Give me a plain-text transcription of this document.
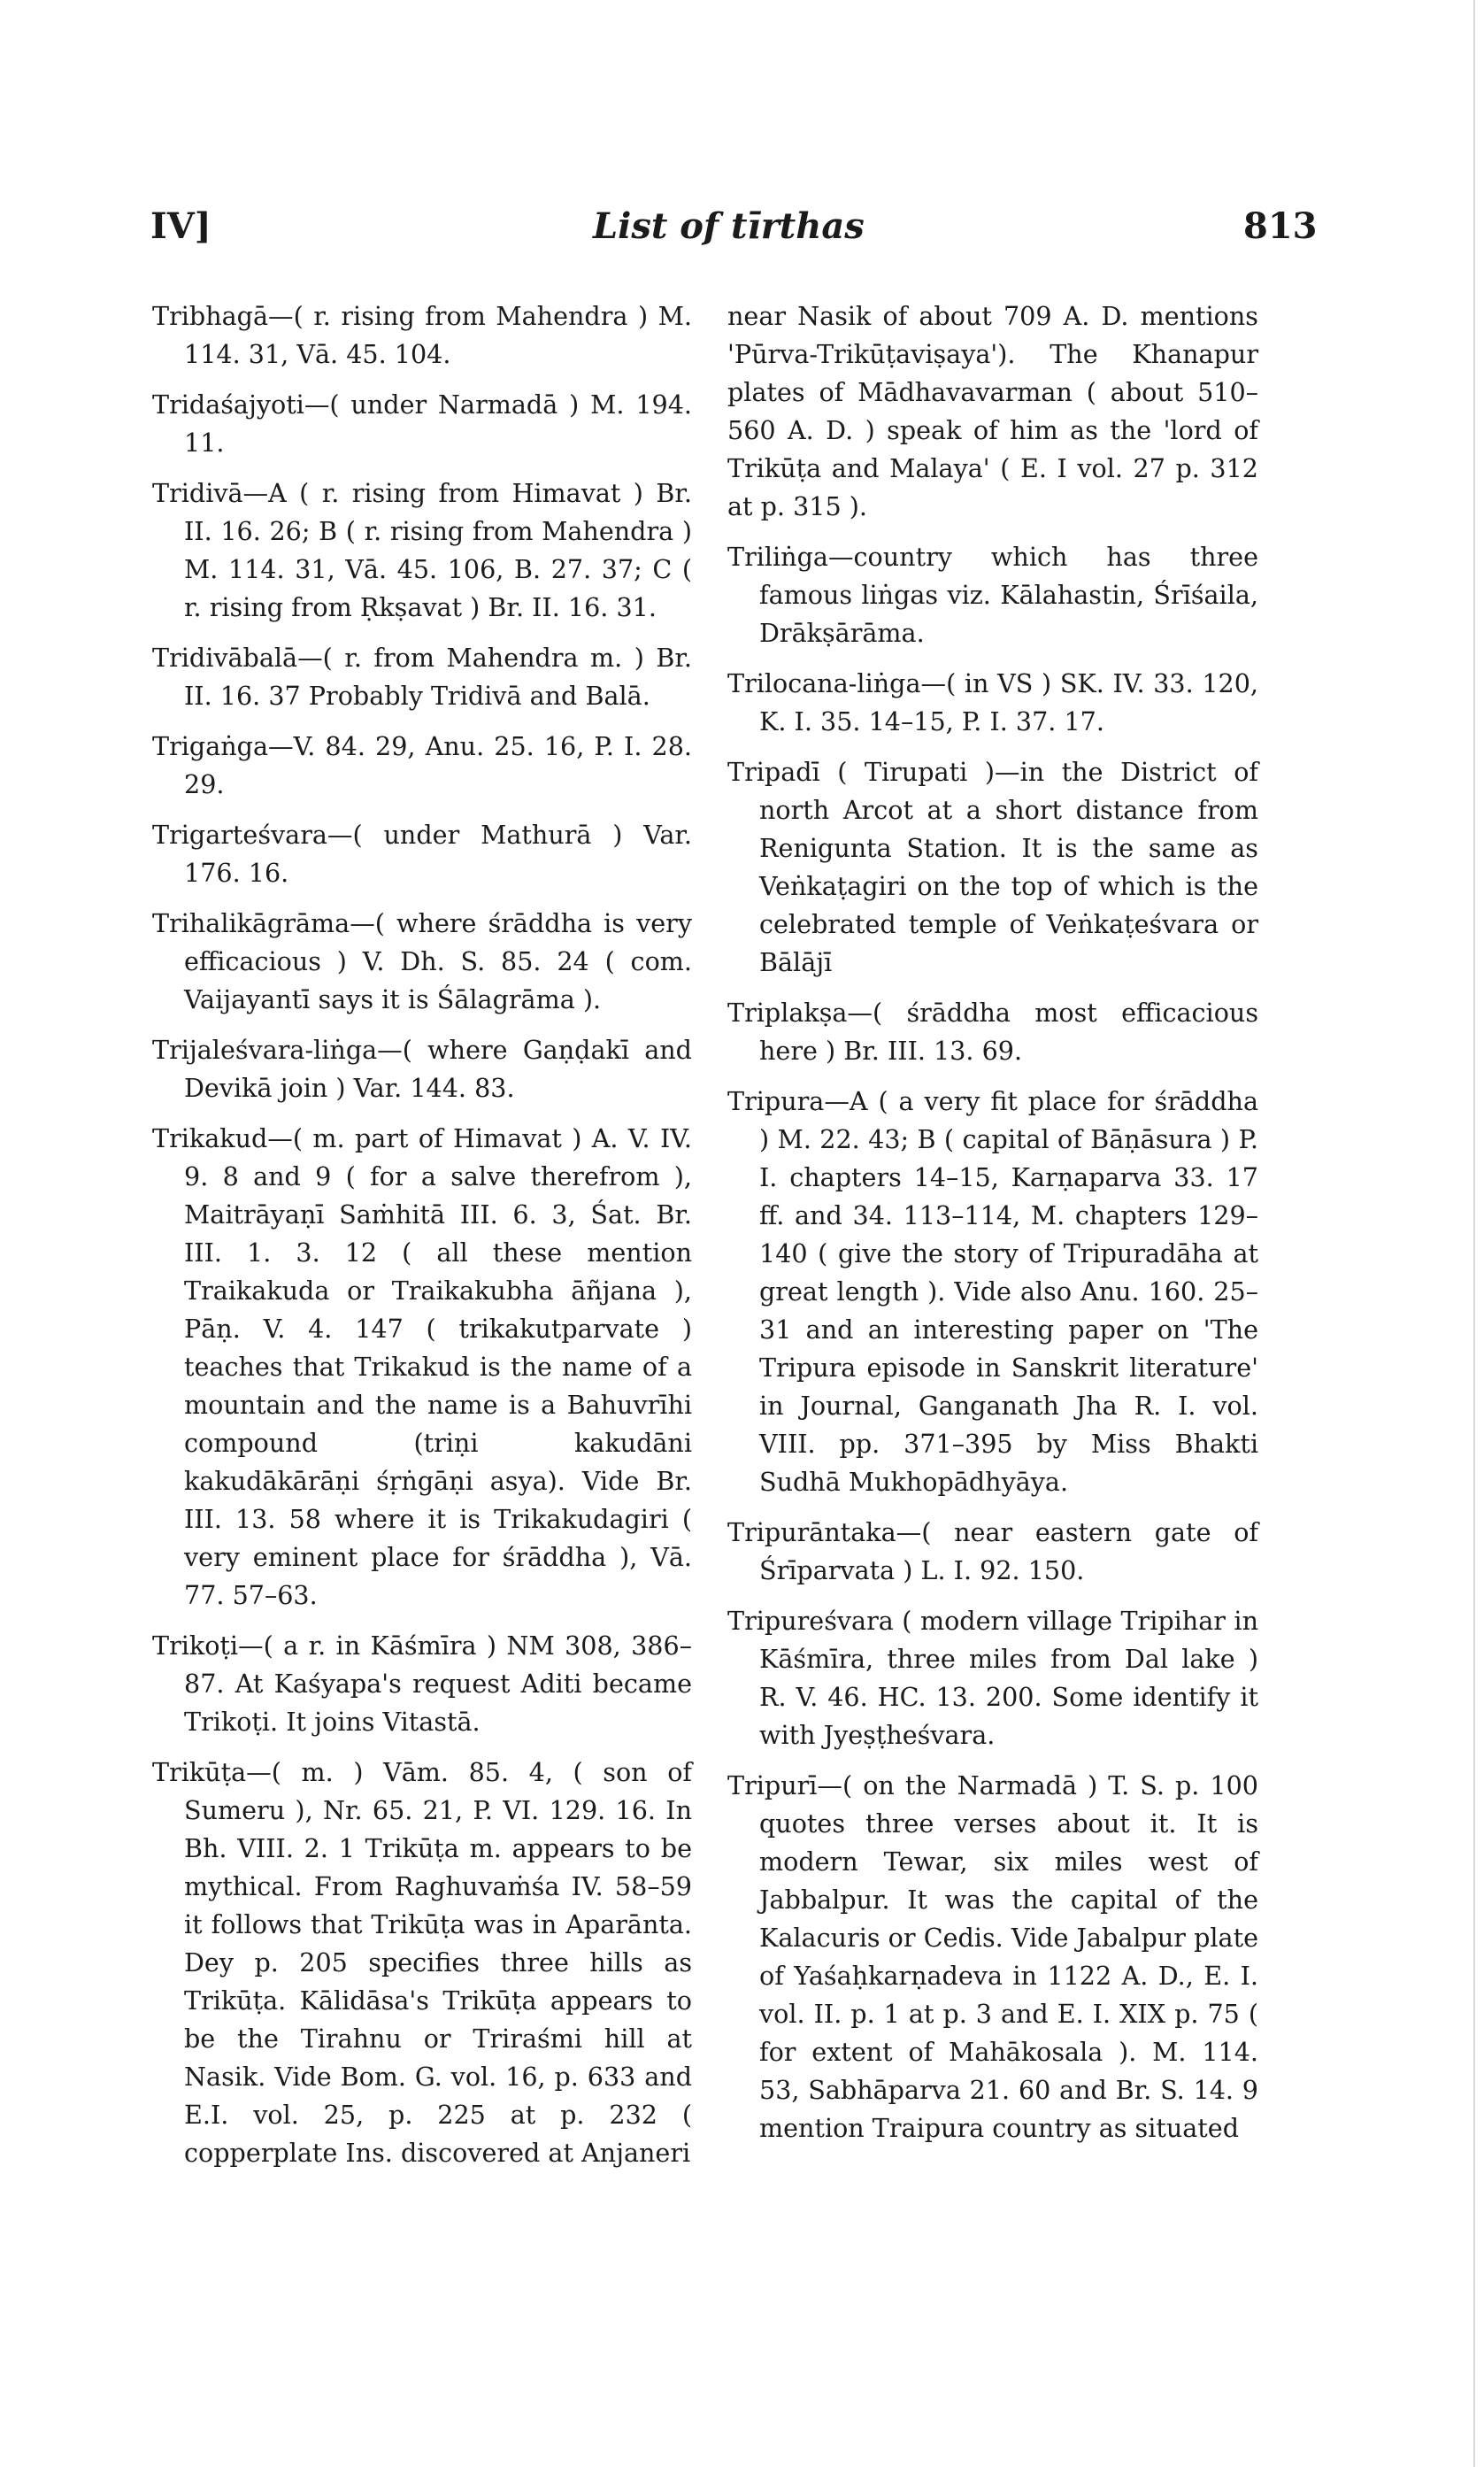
IV]	List of tīrthas	813

Tribhagā—( r. rising from Mahendra ) M. 114. 31, Vā. 45. 104.

Tridaśajyoti—( under Narmadā ) M. 194. 11.

Tridivā—A ( r. rising from Himavat ) Br. II. 16. 26; B ( r. rising from Mahendra ) M. 114. 31, Vā. 45. 106, B. 27. 37; C ( r. rising from Ṛkṣavat ) Br. II. 16. 31.

Tridivābalā—( r. from Mahendra m. ) Br. II. 16. 37 Probably Tridivā and Balā.

Trigaṅga—V. 84. 29, Anu. 25. 16, P. I. 28. 29.

Trigarteśvara—( under Mathurā ) Var. 176. 16.

Trihalikāgrāma—( where śrāddha is very efficacious ) V. Dh. S. 85. 24 ( com. Vaijayantī says it is Śālagrāma ).

Trijaleśvara-liṅga—( where Gaṇḍakī and Devikā join ) Var. 144. 83.

Trikakud—( m. part of Himavat ) A. V. IV. 9. 8 and 9 ( for a salve therefrom ), Maitrāyaṇī Saṁhitā III. 6. 3, Śat. Br. III. 1. 3. 12 ( all these mention Traikakuda or Traikakubha āñjana ), Pāṇ. V. 4. 147 ( trikakutparvate ) teaches that Trikakud is the name of a mountain and the name is a Bahuvrīhi compound (triṇi kakudāni kakudākārāṇi śṛṅgāṇi asya). Vide Br. III. 13. 58 where it is Trikakudagiri ( very eminent place for śrāddha ), Vā. 77. 57–63.

Trikoṭi—( a r. in Kāśmīra ) NM 308, 386–87. At Kaśyapa's request Aditi became Trikoṭi. It joins Vitastā.

Trikūṭa—( m. ) Vām. 85. 4, ( son of Sumeru ), Nr. 65. 21, P. VI. 129. 16. In Bh. VIII. 2. 1 Trikūṭa m. appears to be mythical. From Raghuvaṁśa IV. 58–59 it follows that Trikūṭa was in Aparānta. Dey p. 205 specifies three hills as Trikūṭa. Kālidāsa's Trikūṭa appears to be the Tirahnu or Triraśmi hill at Nasik. Vide Bom. G. vol. 16, p. 633 and E.I. vol. 25, p. 225 at p. 232 ( copperplate Ins. discovered at Anjaneri

near Nasik of about 709 A. D. mentions 'Pūrva-Trikūṭaviṣaya'). The Khanapur plates of Mādhavavarman ( about 510–560 A. D. ) speak of him as the 'lord of Trikūṭa and Malaya' ( E. I vol. 27 p. 312 at p. 315 ).

Triliṅga—country which has three famous liṅgas viz. Kālahastin, Śrīśaila, Drākṣārāma.

Trilocana-liṅga—( in VS ) SK. IV. 33. 120, K. I. 35. 14–15, P. I. 37. 17.

Tripadī ( Tirupati )—in the District of north Arcot at a short distance from Renigunta Station. It is the same as Veṅkaṭagiri on the top of which is the celebrated temple of Veṅkaṭeśvara or Bālājī

Triplakṣa—( śrāddha most efficacious here ) Br. III. 13. 69.

Tripura—A ( a very fit place for śrāddha ) M. 22. 43; B ( capital of Bāṇāsura ) P. I. chapters 14–15, Karṇaparva 33. 17 ff. and 34. 113–114, M. chapters 129–140 ( give the story of Tripuradāha at great length ). Vide also Anu. 160. 25–31 and an interesting paper on 'The Tripura episode in Sanskrit literature' in Journal, Ganganath Jha R. I. vol. VIII. pp. 371–395 by Miss Bhakti Sudhā Mukhopādhyāya.

Tripurāntaka—( near eastern gate of Śrīparvata ) L. I. 92. 150.

Tripureśvara ( modern village Tripihar in Kāśmīra, three miles from Dal lake ) R. V. 46. HC. 13. 200. Some identify it with Jyeṣṭheśvara.

Tripurī—( on the Narmadā ) T. S. p. 100 quotes three verses about it. It is modern Tewar, six miles west of Jabbalpur. It was the capital of the Kalacuris or Cedis. Vide Jabalpur plate of Yaśaḥkarṇadeva in 1122 A. D., E. I. vol. II. p. 1 at p. 3 and E. I. XIX p. 75 ( for extent of Mahākosala ). M. 114. 53, Sabhāparva 21. 60 and Br. S. 14. 9 mention Traipura country as situated
